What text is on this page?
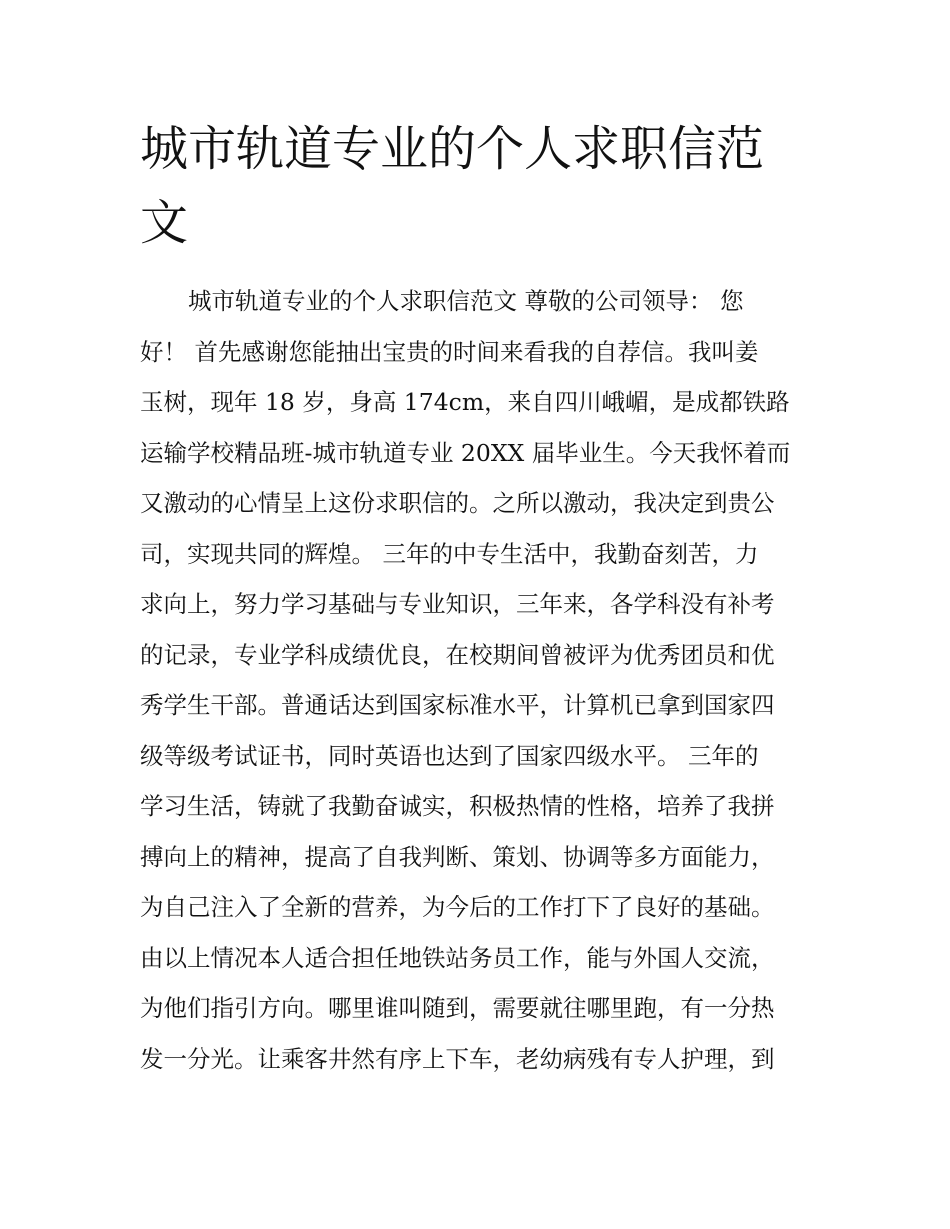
城市轨道专业的个人求职信范
文
城市轨道专业的个人求职信范文 尊敬的公司领导： 您
好！ 首先感谢您能抽出宝贵的时间来看我的自荐信。我叫姜
玉树，现年 18 岁，身高 174cm，来自四川峨嵋，是成都铁路
运输学校精品班-城市轨道专业 20XX 届毕业生。今天我怀着而
又激动的心情呈上这份求职信的。之所以激动，我决定到贵公
司，实现共同的辉煌。 三年的中专生活中，我勤奋刻苦，力
求向上，努力学习基础与专业知识，三年来，各学科没有补考
的记录，专业学科成绩优良，在校期间曾被评为优秀团员和优
秀学生干部。普通话达到国家标准水平，计算机已拿到国家四
级等级考试证书，同时英语也达到了国家四级水平。 三年的
学习生活，铸就了我勤奋诚实，积极热情的性格，培养了我拼
搏向上的精神，提高了自我判断、策划、协调等多方面能力，
为自己注入了全新的营养，为今后的工作打下了良好的基础。
由以上情况本人适合担任地铁站务员工作，能与外国人交流，
为他们指引方向。哪里谁叫随到，需要就往哪里跑，有一分热
发一分光。让乘客井然有序上下车，老幼病残有专人护理，到
